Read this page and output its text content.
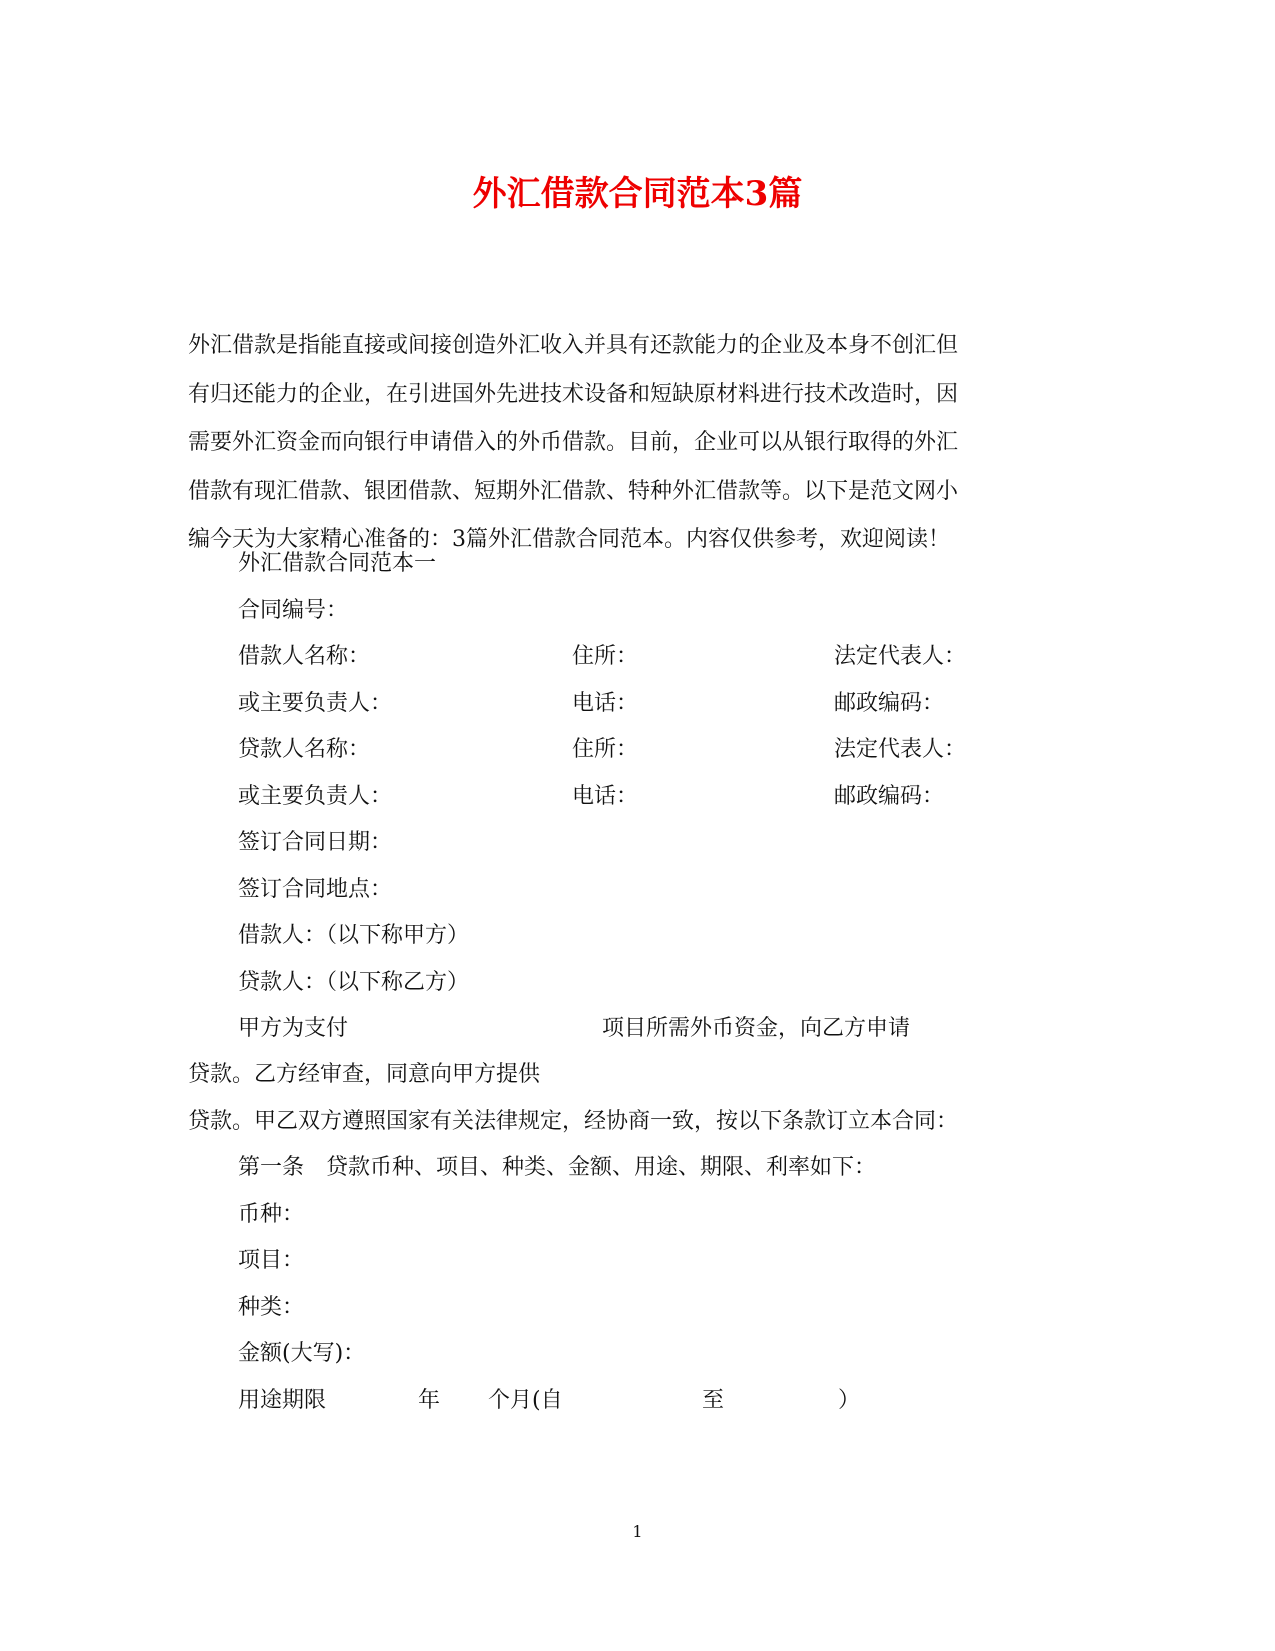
外汇借款合同范本3篇
外汇借款是指能直接或间接创造外汇收入并具有还款能力的企业及本身不创汇但
有归还能力的企业，在引进国外先进技术设备和短缺原材料进行技术改造时，因
需要外汇资金而向银行申请借入的外币借款。目前，企业可以从银行取得的外汇
借款有现汇借款、银团借款、短期外汇借款、特种外汇借款等。以下是范文网小
编今天为大家精心准备的：3篇外汇借款合同范本。内容仅供参考，欢迎阅读！
外汇借款合同范本一
合同编号：
借款人名称：	住所：	法定代表人：
或主要负责人：	电话：	邮政编码：
贷款人名称：	住所：	法定代表人：
或主要负责人：	电话：	邮政编码：
签订合同日期：
签订合同地点：
借款人：（以下称甲方）
贷款人：（以下称乙方）
甲方为支付	项目所需外币资金，向乙方申请
贷款。乙方经审查，同意向甲方提供
贷款。甲乙双方遵照国家有关法律规定，经协商一致，按以下条款订立本合同：
第一条　贷款币种、项目、种类、金额、用途、期限、利率如下：
币种：
项目：
种类：
金额(大写)：
用途期限	年 个月(自	至	）
1
